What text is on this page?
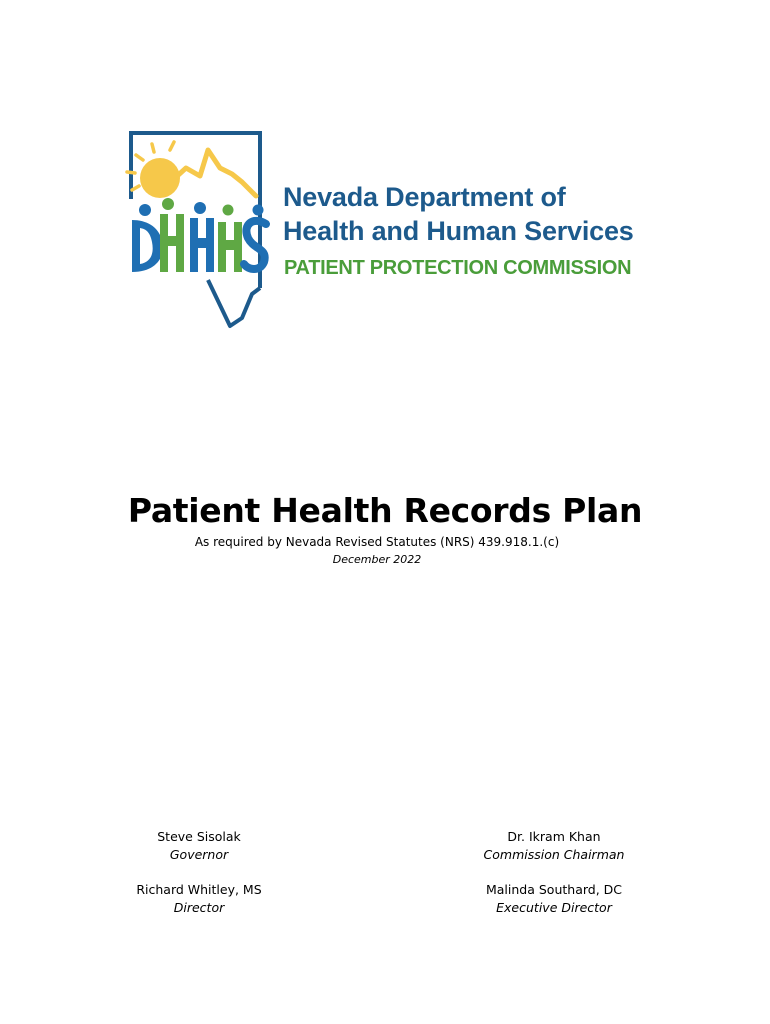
Nevada Department of
Health and Human Services
PATIENT PROTECTION COMMISSION
Patient Health Records Plan
As required by Nevada Revised Statutes (NRS) 439.918.1.(c)
December 2022
Steve Sisolak
Governor
Richard Whitley, MS
Director
Dr. Ikram Khan
Commission Chairman
Malinda Southard, DC
Executive Director
